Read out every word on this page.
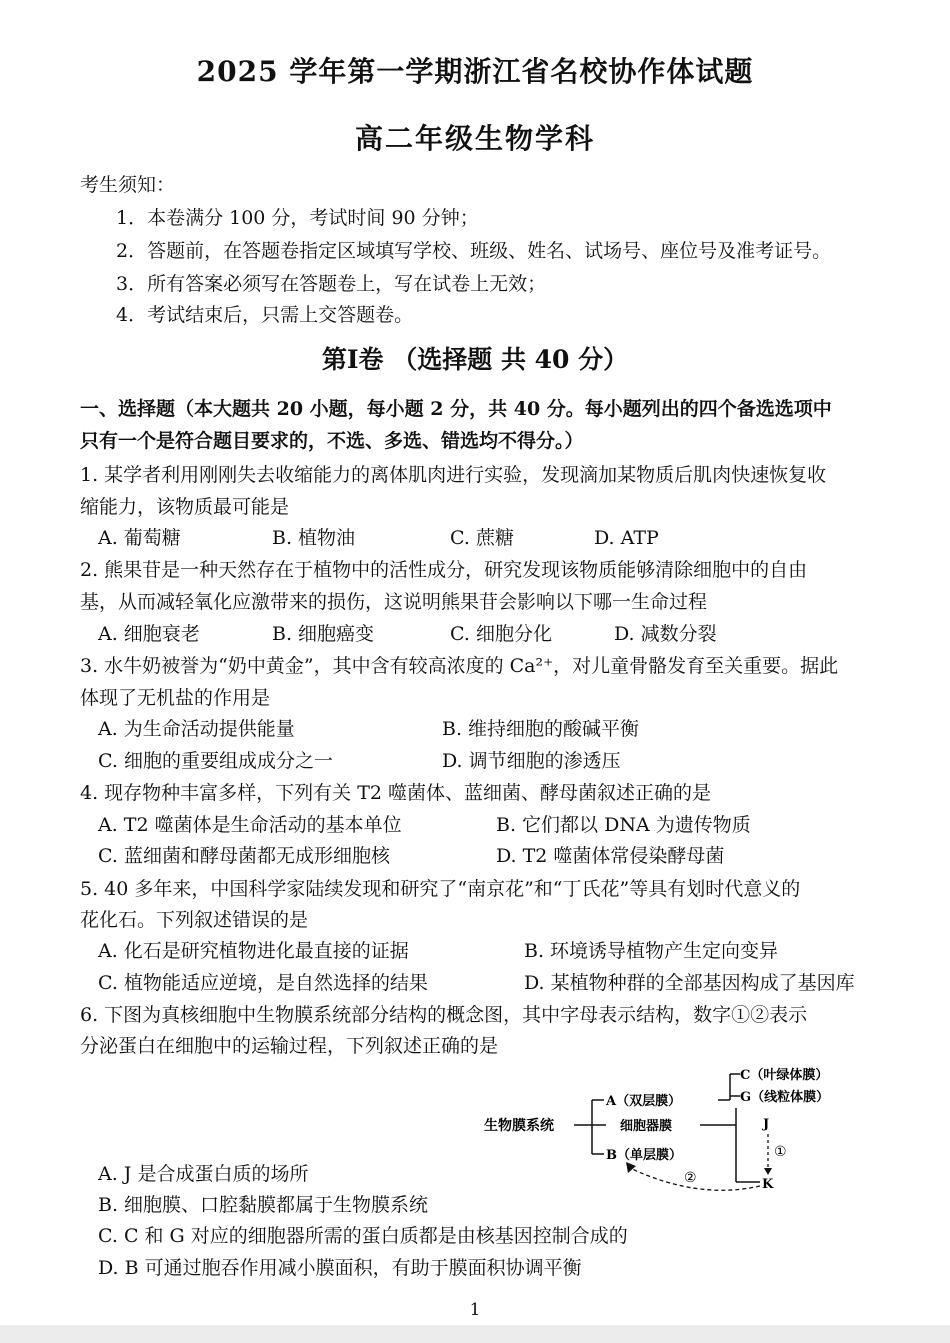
2025 学年第一学期浙江省名校协作体试题
高二年级生物学科
考生须知：
1．本卷满分 100 分，考试时间 90 分钟；
2．答题前，在答题卷指定区域填写学校、班级、姓名、试场号、座位号及准考证号。
3．所有答案必须写在答题卷上，写在试卷上无效；
4．考试结束后，只需上交答题卷。
第Ⅰ卷 （选择题 共 40 分）
一、选择题（本大题共 20 小题，每小题 2 分，共 40 分。每小题列出的四个备选选项中
只有一个是符合题目要求的，不选、多选、错选均不得分。）
1. 某学者利用刚刚失去收缩能力的离体肌肉进行实验，发现滴加某物质后肌肉快速恢复收
缩能力，该物质最可能是
A. 葡萄糖	B. 植物油	C. 蔗糖	D. ATP
2. 熊果苷是一种天然存在于植物中的活性成分，研究发现该物质能够清除细胞中的自由
基，从而减轻氧化应激带来的损伤，这说明熊果苷会影响以下哪一生命过程
A. 细胞衰老	B. 细胞癌变	C. 细胞分化	D. 减数分裂
3. 水牛奶被誉为“奶中黄金”，其中含有较高浓度的 Ca²⁺，对儿童骨骼发育至关重要。据此
体现了无机盐的作用是
A. 为生命活动提供能量	B. 维持细胞的酸碱平衡
C. 细胞的重要组成成分之一	D. 调节细胞的渗透压
4. 现存物种丰富多样，下列有关 T2 噬菌体、蓝细菌、酵母菌叙述正确的是
A. T2 噬菌体是生命活动的基本单位	B. 它们都以 DNA 为遗传物质
C. 蓝细菌和酵母菌都无成形细胞核	D. T2 噬菌体常侵染酵母菌
5. 40 多年来，中国科学家陆续发现和研究了“南京花”和“丁氏花”等具有划时代意义的
花化石。下列叙述错误的是
A. 化石是研究植物进化最直接的证据	B. 环境诱导植物产生定向变异
C. 植物能适应逆境，是自然选择的结果	D. 某植物种群的全部基因构成了基因库
6. 下图为真核细胞中生物膜系统部分结构的概念图，其中字母表示结构，数字①②表示
分泌蛋白在细胞中的运输过程，下列叙述正确的是
生物膜系统
A（双层膜）
细胞器膜
B（单层膜）
C（叶绿体膜）
G（线粒体膜）
J
①
K
②
A. J 是合成蛋白质的场所
B. 细胞膜、口腔黏膜都属于生物膜系统
C. C 和 G 对应的细胞器所需的蛋白质都是由核基因控制合成的
D. B 可通过胞吞作用减小膜面积，有助于膜面积协调平衡
1
